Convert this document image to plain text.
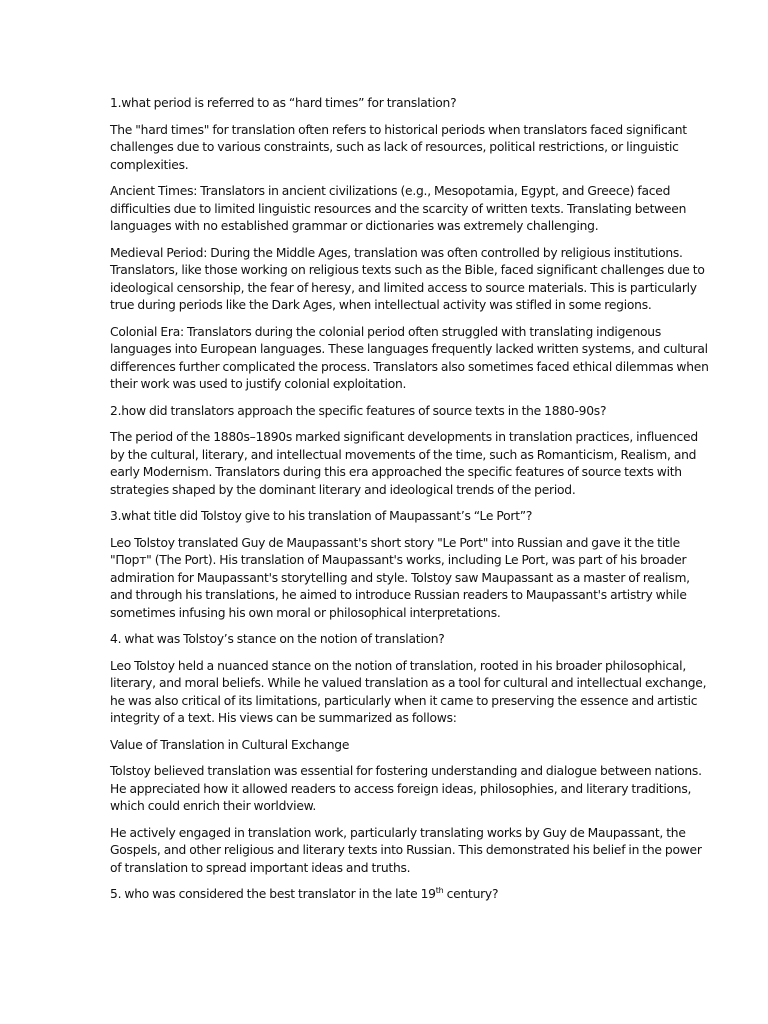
1.what period is referred to as “hard times” for translation?

The "hard times" for translation often refers to historical periods when translators faced significant challenges due to various constraints, such as lack of resources, political restrictions, or linguistic complexities.

Ancient Times: Translators in ancient civilizations (e.g., Mesopotamia, Egypt, and Greece) faced difficulties due to limited linguistic resources and the scarcity of written texts. Translating between languages with no established grammar or dictionaries was extremely challenging.

Medieval Period: During the Middle Ages, translation was often controlled by religious institutions. Translators, like those working on religious texts such as the Bible, faced significant challenges due to ideological censorship, the fear of heresy, and limited access to source materials. This is particularly true during periods like the Dark Ages, when intellectual activity was stifled in some regions.

Colonial Era: Translators during the colonial period often struggled with translating indigenous languages into European languages. These languages frequently lacked written systems, and cultural differences further complicated the process. Translators also sometimes faced ethical dilemmas when their work was used to justify colonial exploitation.

2.how did translators approach the specific features of source texts in the 1880-90s?

The period of the 1880s–1890s marked significant developments in translation practices, influenced by the cultural, literary, and intellectual movements of the time, such as Romanticism, Realism, and early Modernism. Translators during this era approached the specific features of source texts with strategies shaped by the dominant literary and ideological trends of the period.

3.what title did Tolstoy give to his translation of Maupassant’s “Le Port”?

Leo Tolstoy translated Guy de Maupassant's short story "Le Port" into Russian and gave it the title "Порт" (The Port). His translation of Maupassant's works, including Le Port, was part of his broader admiration for Maupassant's storytelling and style. Tolstoy saw Maupassant as a master of realism, and through his translations, he aimed to introduce Russian readers to Maupassant's artistry while sometimes infusing his own moral or philosophical interpretations.

4. what was Tolstoy’s stance on the notion of translation?

Leo Tolstoy held a nuanced stance on the notion of translation, rooted in his broader philosophical, literary, and moral beliefs. While he valued translation as a tool for cultural and intellectual exchange, he was also critical of its limitations, particularly when it came to preserving the essence and artistic integrity of a text. His views can be summarized as follows:

Value of Translation in Cultural Exchange

Tolstoy believed translation was essential for fostering understanding and dialogue between nations. He appreciated how it allowed readers to access foreign ideas, philosophies, and literary traditions, which could enrich their worldview.

He actively engaged in translation work, particularly translating works by Guy de Maupassant, the Gospels, and other religious and literary texts into Russian. This demonstrated his belief in the power of translation to spread important ideas and truths.

5. who was considered the best translator in the late 19th century?
